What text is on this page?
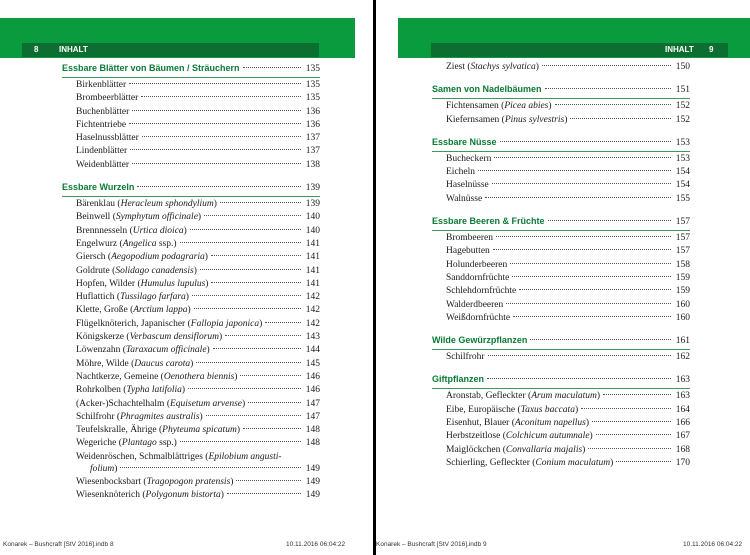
8	INHALT
Essbare Blätter von Bäumen / Sträuchern	135
Birkenblätter	135
Brombeerblätter	135
Buchenblätter	136
Fichtentriebe	136
Haselnussblätter	137
Lindenblätter	137
Weidenblätter	138
Essbare Wurzeln	139
Bärenklau (Heracleum sphondylium)	139
Beinwell (Symphytum officinale)	140
Brennnesseln (Urtica dioica)	140
Engelwurz (Angelica ssp.)	141
Giersch (Aegopodium podagraria)	141
Goldrute (Solidago canadensis)	141
Hopfen, Wilder (Humulus lupulus)	141
Huflattich (Tussilago farfara)	142
Klette, Große (Arctium lappa)	142
Flügelknöterich, Japanischer (Fallopia japonica)	142
Königskerze (Verbascum densiflorum)	143
Löwenzahn (Taraxacum officinale)	144
Möhre, Wilde (Daucus carota)	145
Nachtkerze, Gemeine (Oenothera biennis)	146
Rohrkolben (Typha latifolia)	146
(Acker-)Schachtelhalm (Equisetum arvense)	147
Schilfrohr (Phragmites australis)	147
Teufelskralle, Ährige (Phyteuma spicatum)	148
Wegeriche (Plantago ssp.)	148
Weidenröschen, Schmalblättriges (Epilobium angusti-
folium)	149
Wiesenbocksbart (Tragopogon pratensis)	149
Wiesenknöterich (Polygonum bistorta)	149
Konarek – Bushcraft [StV 2016].indb 8	10.11.2016 06:04:22
INHALT 9
Ziest (Stachys sylvatica)	150
Samen von Nadelbäumen	151
Fichtensamen (Picea abies)	152
Kiefernsamen (Pinus sylvestris)	152
Essbare Nüsse	153
Bucheckern	153
Eicheln	154
Haselnüsse	154
Walnüsse	155
Essbare Beeren & Früchte	157
Brombeeren	157
Hagebutten	157
Holunderbeeren	158
Sanddornfrüchte	159
Schlehdornfrüchte	159
Walderdbeeren	160
Weißdornfrüchte	160
Wilde Gewürzpflanzen	161
Schilfrohr	162
Giftpflanzen	163
Aronstab, Gefleckter (Arum maculatum)	163
Eibe, Europäische (Taxus baccata)	164
Eisenhut, Blauer (Aconitum napellus)	166
Herbstzeitlose (Colchicum autumnale)	167
Maiglöckchen (Convallaria majalis)	168
Schierling, Gefleckter (Conium maculatum)	170
Konarek – Bushcraft [StV 2016].indb 9	10.11.2016 06:04:22
